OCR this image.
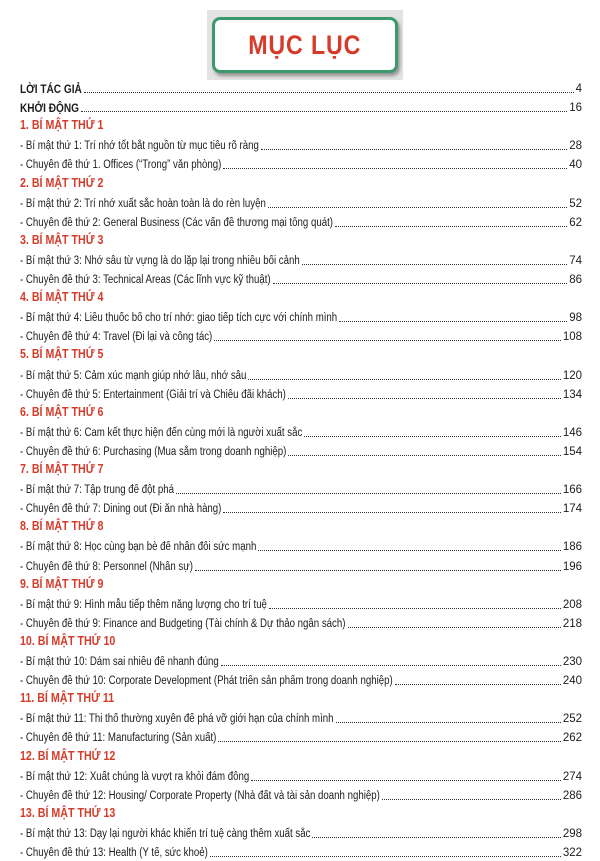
MỤC LỤC
LỜI TÁC GIẢ	4
KHỞI ĐỘNG	16
1. BÍ MẬT THỨ 1
- Bí mật thứ 1: Trí nhớ tốt bắt nguồn từ mục tiêu rõ ràng	28
- Chuyên đề thứ 1. Offices (“Trong” văn phòng)	40
2. BÍ MẬT THỨ 2
- Bí mật thứ 2: Trí nhớ xuất sắc hoàn toàn là do rèn luyện	52
- Chuyên đề thứ 2: General Business (Các vấn đề thương mại tổng quát)	62
3. BÍ MẬT THỨ 3
- Bí mật thứ 3: Nhớ sâu từ vựng là do lặp lại trong nhiều bối cảnh	74
- Chuyên đề thứ 3: Technical Areas (Các lĩnh vực kỹ thuật)	86
4. BÍ MẬT THỨ 4
- Bí mật thứ 4: Liều thuốc bổ cho trí nhớ: giao tiếp tích cực với chính mình	98
- Chuyên đề thứ 4: Travel (Đi lại và công tác)	108
5. BÍ MẬT THỨ 5
- Bí mật thứ 5: Cảm xúc mạnh giúp nhớ lâu, nhớ sâu	120
- Chuyên đề thứ 5: Entertainment (Giải trí và Chiêu đãi khách)	134
6. BÍ MẬT THỨ 6
- Bí mật thứ 6: Cam kết thực hiện đến cùng mới là người xuất sắc	146
- Chuyên đề thứ 6: Purchasing (Mua sắm trong doanh nghiệp)	154
7. BÍ MẬT THỨ 7
- Bí mật thứ 7: Tập trung để đột phá	166
- Chuyên đề thứ 7: Dining out (Đi ăn nhà hàng)	174
8. BÍ MẬT THỨ 8
- Bí mật thứ 8: Học cùng bạn bè để nhân đôi sức mạnh	186
- Chuyên đề thứ 8: Personnel (Nhân sự)	196
9. BÍ MẬT THỨ 9
- Bí mật thứ 9: Hình mẫu tiếp thêm năng lượng cho trí tuệ	208
- Chuyên đề thứ 9: Finance and Budgeting (Tài chính & Dự thảo ngân sách)	218
10. BÍ MẬT THỨ 10
- Bí mật thứ 10: Dám sai nhiều để nhanh đúng	230
- Chuyên đề thứ 10: Corporate Development (Phát triển sản phẩm trong doanh nghiệp)	240
11. BÍ MẬT THỨ 11
- Bí mật thứ 11: Thi thố thường xuyên để phá vỡ giới hạn của chính mình	252
- Chuyên đề thứ 11: Manufacturing (Sản xuất)	262
12. BÍ MẬT THỨ 12
- Bí mật thứ 12: Xuất chúng là vượt ra khỏi đám đông	274
- Chuyên đề thứ 12: Housing/ Corporate Property (Nhà đất và tài sản doanh nghiệp)	286
13. BÍ MẬT THỨ 13
- Bí mật thứ 13: Dạy lại người khác khiến trí tuệ càng thêm xuất sắc	298
- Chuyên đề thứ 13: Health (Y tế, sức khoẻ)	322
